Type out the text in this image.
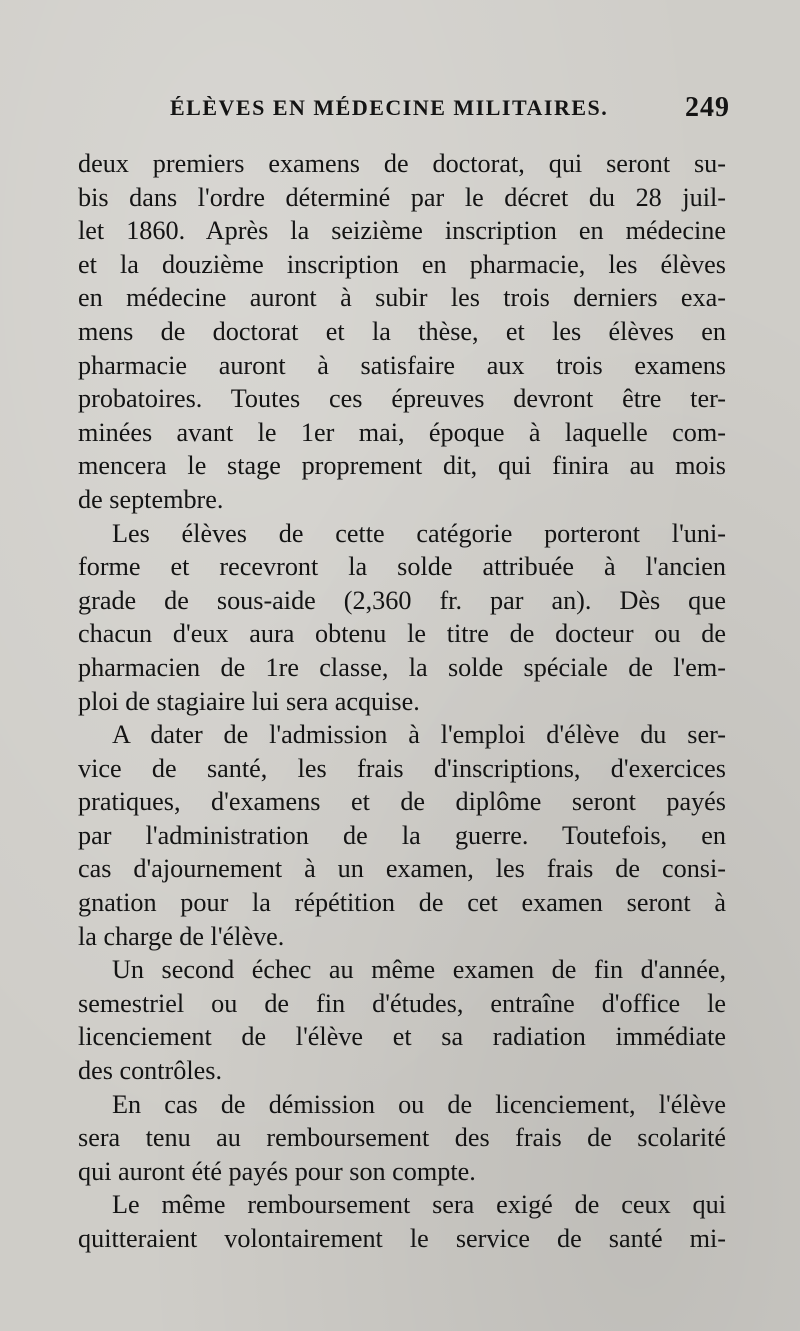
ÉLÈVES EN MÉDECINE MILITAIRES.	249
deux premiers examens de doctorat, qui seront su-
bis dans l'ordre déterminé par le décret du 28 juil-
let 1860. Après la seizième inscription en médecine
et la douzième inscription en pharmacie, les élèves
en médecine auront à subir les trois derniers exa-
mens de doctorat et la thèse, et les élèves en
pharmacie auront à satisfaire aux trois examens
probatoires. Toutes ces épreuves devront être ter-
minées avant le 1er mai, époque à laquelle com-
mencera le stage proprement dit, qui finira au mois
de septembre.
Les élèves de cette catégorie porteront l'uni-
forme et recevront la solde attribuée à l'ancien
grade de sous-aide (2,360 fr. par an). Dès que
chacun d'eux aura obtenu le titre de docteur ou de
pharmacien de 1re classe, la solde spéciale de l'em-
ploi de stagiaire lui sera acquise.
A dater de l'admission à l'emploi d'élève du ser-
vice de santé, les frais d'inscriptions, d'exercices
pratiques, d'examens et de diplôme seront payés
par l'administration de la guerre. Toutefois, en
cas d'ajournement à un examen, les frais de consi-
gnation pour la répétition de cet examen seront à
la charge de l'élève.
Un second échec au même examen de fin d'année,
semestriel ou de fin d'études, entraîne d'office le
licenciement de l'élève et sa radiation immédiate
des contrôles.
En cas de démission ou de licenciement, l'élève
sera tenu au remboursement des frais de scolarité
qui auront été payés pour son compte.
Le même remboursement sera exigé de ceux qui
quitteraient volontairement le service de santé mi-
